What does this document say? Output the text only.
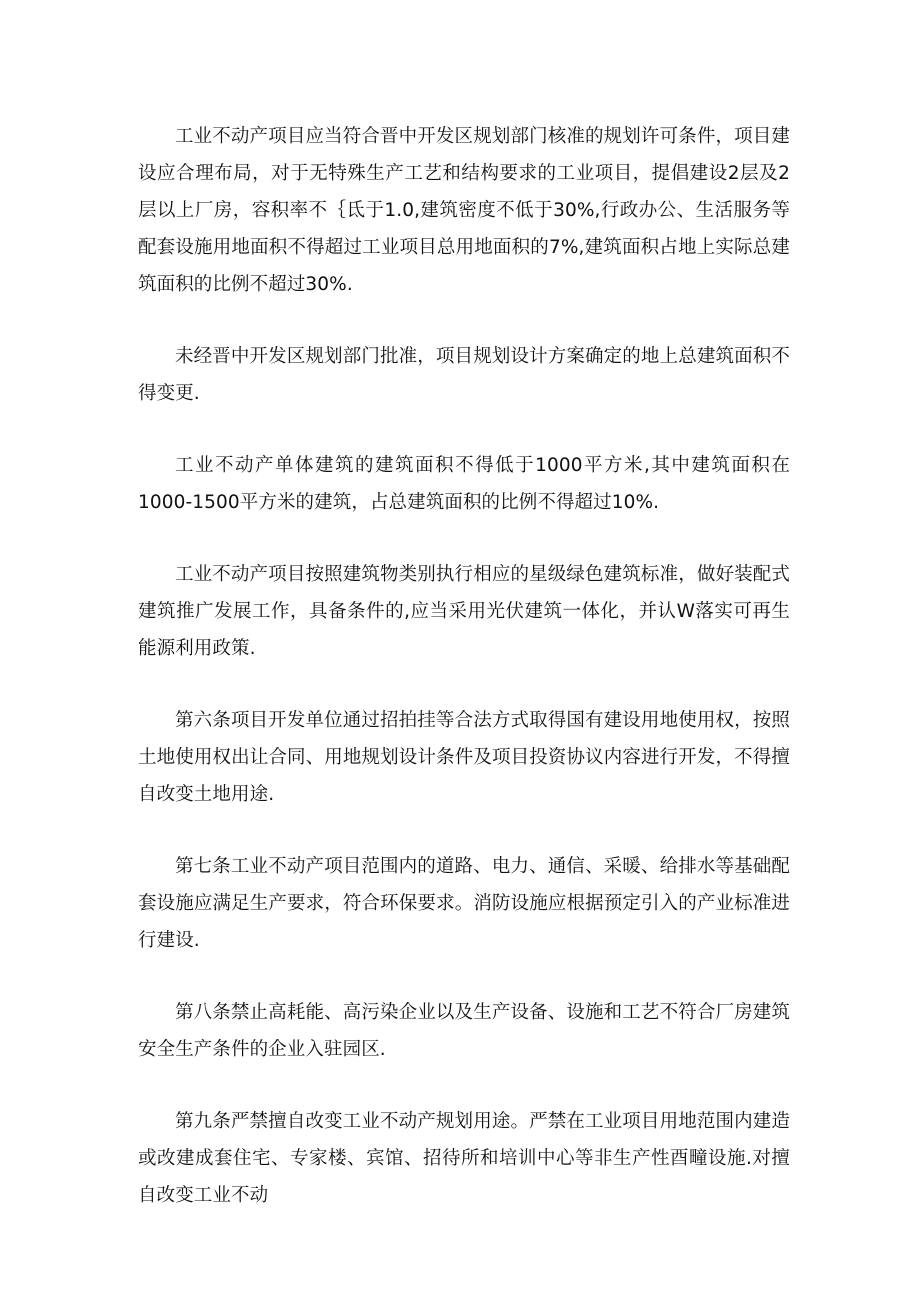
工业不动产项目应当符合晋中开发区规划部门核准的规划许可条件，项目建设应合理布局，对于无特殊生产工艺和结构要求的工业项目，提倡建设2层及2层以上厂房，容积率不｛氐于1.0,建筑密度不低于30%,行政办公、生活服务等配套设施用地面积不得超过工业项目总用地面积的7%,建筑面积占地上实际总建筑面积的比例不超过30%.

未经晋中开发区规划部门批准，项目规划设计方案确定的地上总建筑面积不得变更.

工业不动产单体建筑的建筑面积不得低于1000平方米,其中建筑面积在1000-1500平方米的建筑，占总建筑面积的比例不得超过10%.

工业不动产项目按照建筑物类别执行相应的星级绿色建筑标准，做好装配式建筑推广发展工作，具备条件的,应当采用光伏建筑一体化，并认W落实可再生能源利用政策.

第六条项目开发单位通过招拍挂等合法方式取得国有建设用地使用权，按照土地使用权出让合同、用地规划设计条件及项目投资协议内容进行开发，不得擅自改变土地用途.

第七条工业不动产项目范围内的道路、电力、通信、采暖、给排水等基础配套设施应满足生产要求，符合环保要求。消防设施应根据预定引入的产业标准进行建设.

第八条禁止高耗能、高污染企业以及生产设备、设施和工艺不符合厂房建筑安全生产条件的企业入驻园区.

第九条严禁擅自改变工业不动产规划用途。严禁在工业项目用地范围内建造或改建成套住宅、专家楼、宾馆、招待所和培训中心等非生产性酉疃设施.对擅自改变工业不动
